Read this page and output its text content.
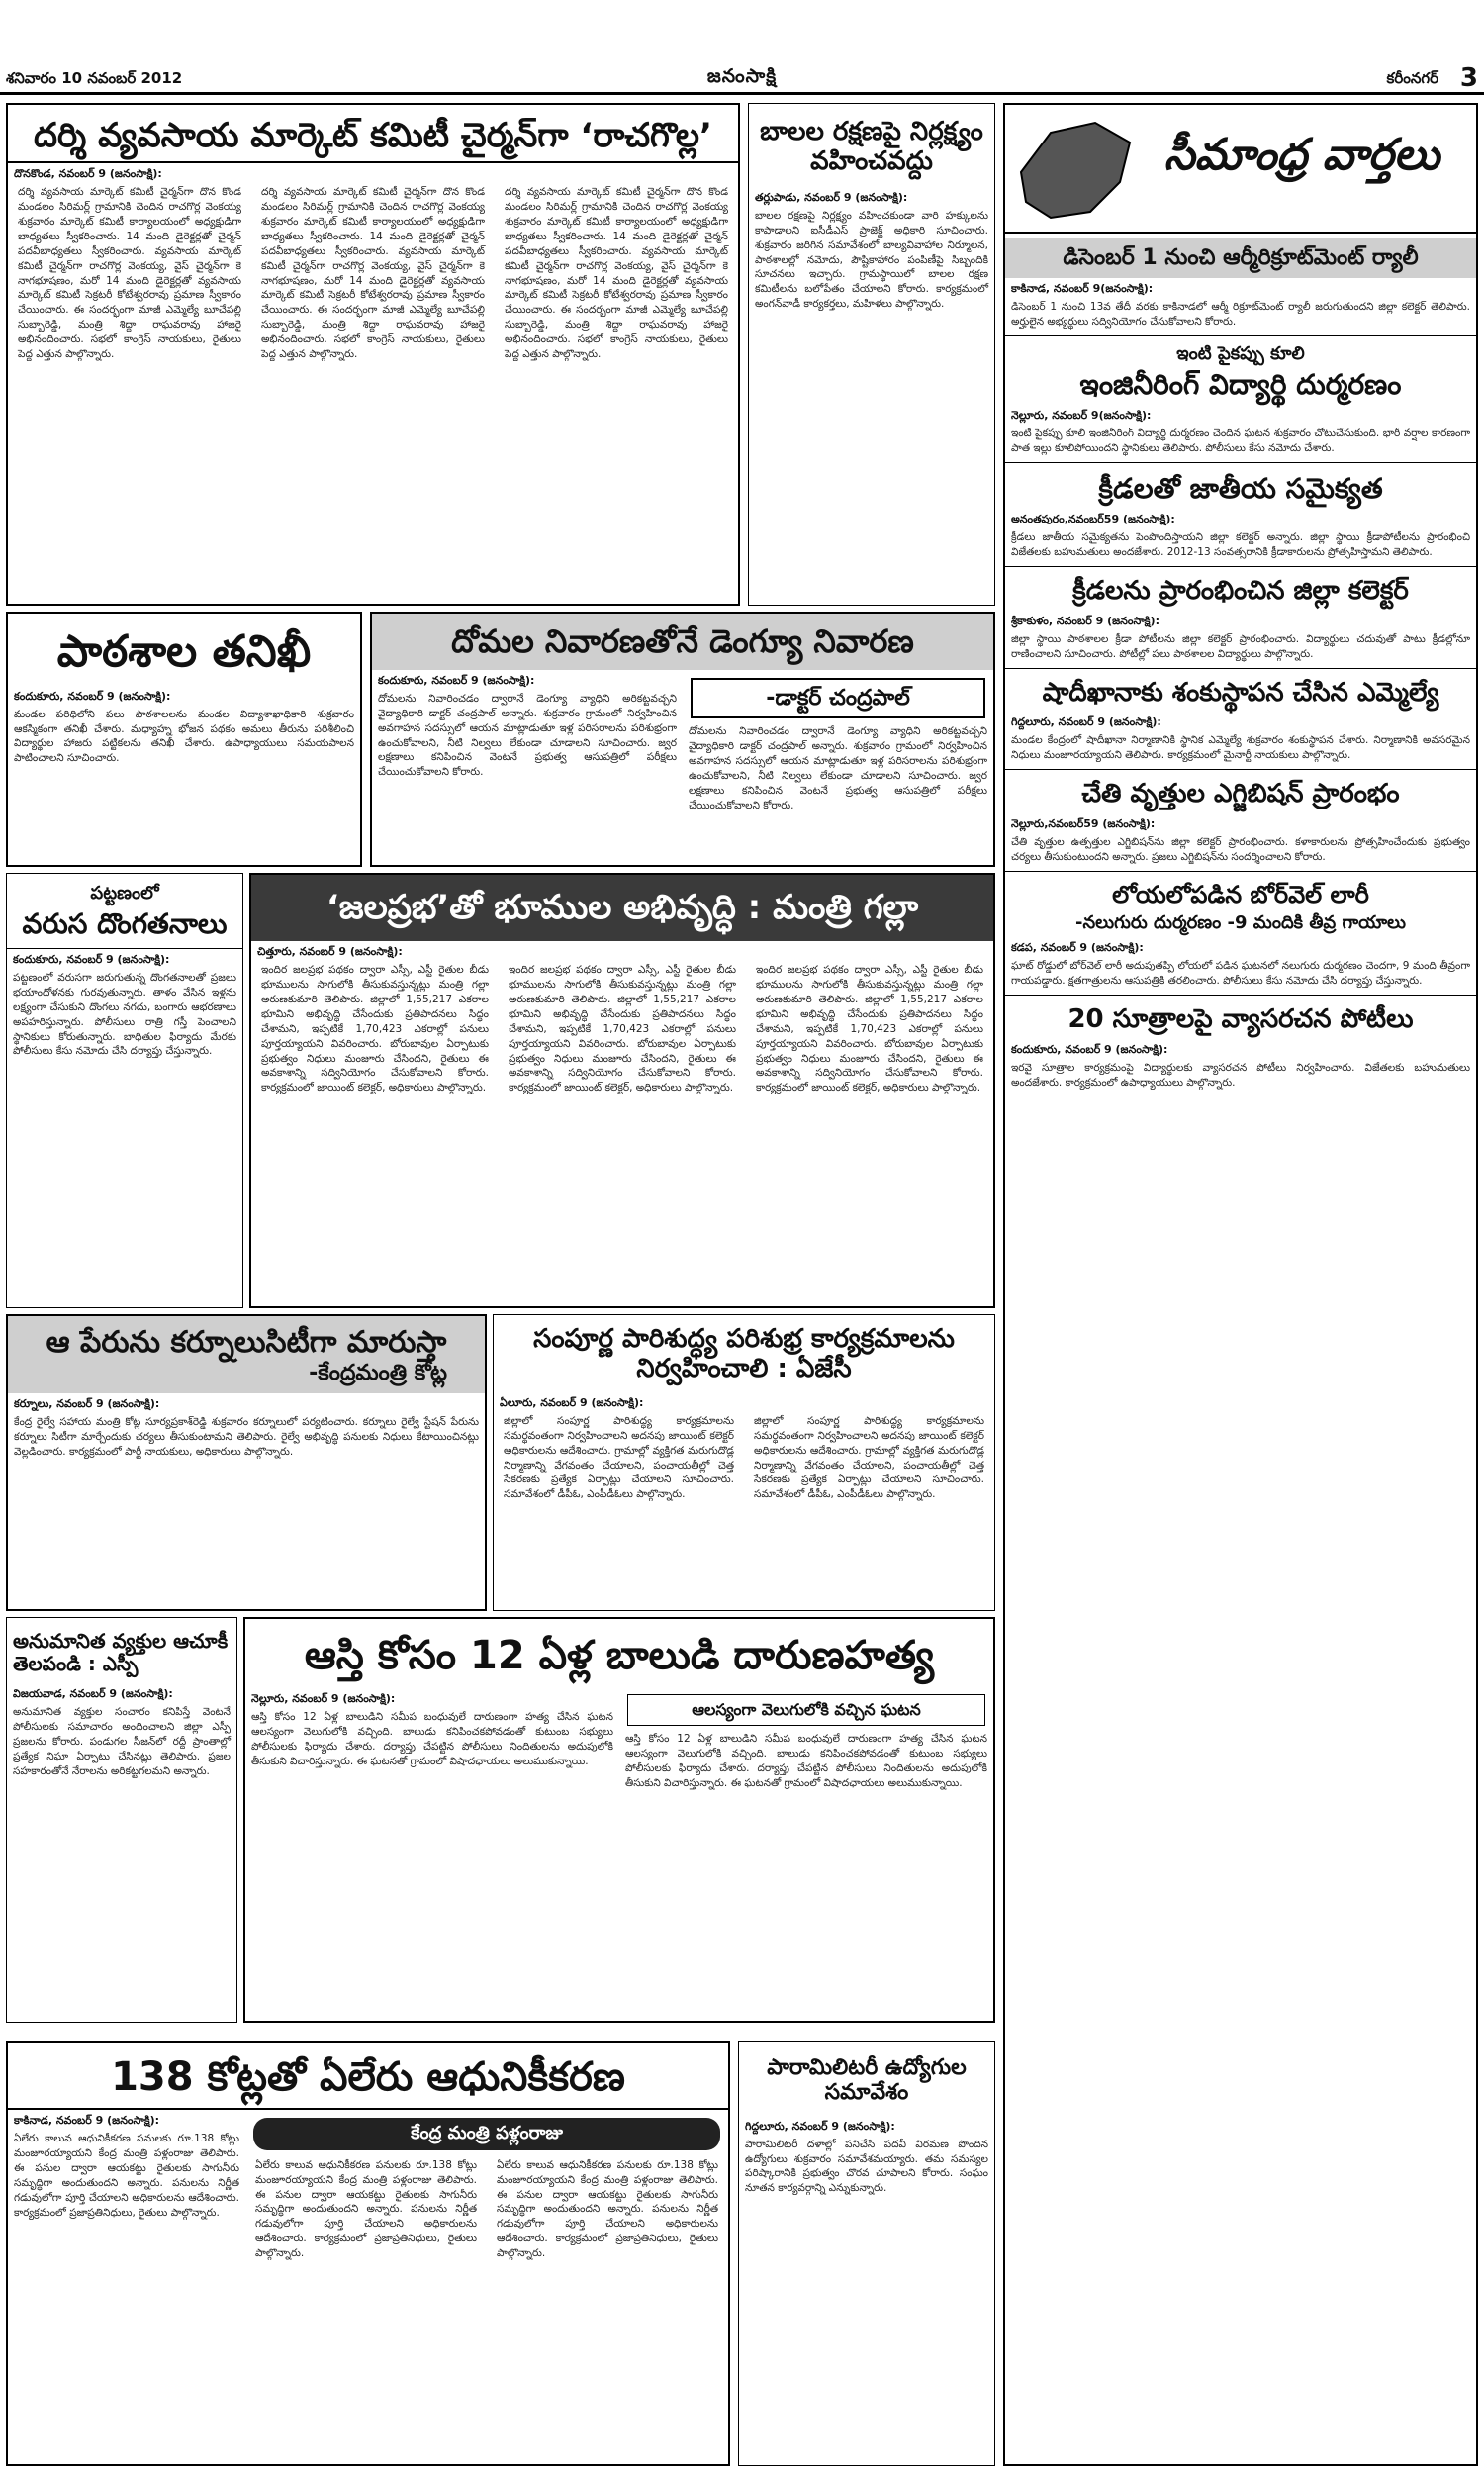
శనివారం 10 నవంబర్ 2012	జనంసాక్షి	కరీంనగర్ 3
దర్శి వ్యవసాయ మార్కెట్ కమిటీ చైర్మన్‌గా ‘రాచగొల్ల’
దొనకొండ, నవంబర్ 9 (జనంసాక్షి):
దర్శి వ్యవసాయ మార్కెట్ కమిటీ చైర్మన్‌గా దొన కొండ మండలం సిరిమర్ల్ గ్రామానికి చెందిన రాచగొర్ల వెంకయ్య శుక్రవారం మార్కెట్ కమిటీ కార్యాలయంలో అధ్యక్షుడిగా బాధ్యతలు స్వీకరించారు. 14 మంది డైరెక్టర్లతో చైర్మన్ పదవీబాధ్యతలు స్వీకరించారు. వ్యవసాయ మార్కెట్ కమిటీ చైర్మన్‌గా రాచగొర్ల వెంకయ్య, వైస్ చైర్మన్‌గా కె నాగభూషణం, మరో 14 మంది డైరెక్టర్లతో వ్యవసాయ మార్కెట్ కమిటీ సెక్రటరీ కోటేశ్వరరావు ప్రమాణ స్వీకారం చేయించారు. ఈ సందర్భంగా మాజీ ఎమ్మెల్యే బూచేపల్లి సుబ్బారెడ్డి, మంత్రి శిద్దా రాఘవరావు హాజరై అభినందించారు. సభలో కాంగ్రెస్ నాయకులు, రైతులు పెద్ద ఎత్తున పాల్గొన్నారు.
దర్శి వ్యవసాయ మార్కెట్ కమిటీ చైర్మన్‌గా దొన కొండ మండలం సిరిమర్ల్ గ్రామానికి చెందిన రాచగొర్ల వెంకయ్య శుక్రవారం మార్కెట్ కమిటీ కార్యాలయంలో అధ్యక్షుడిగా బాధ్యతలు స్వీకరించారు. 14 మంది డైరెక్టర్లతో చైర్మన్ పదవీబాధ్యతలు స్వీకరించారు. వ్యవసాయ మార్కెట్ కమిటీ చైర్మన్‌గా రాచగొర్ల వెంకయ్య, వైస్ చైర్మన్‌గా కె నాగభూషణం, మరో 14 మంది డైరెక్టర్లతో వ్యవసాయ మార్కెట్ కమిటీ సెక్రటరీ కోటేశ్వరరావు ప్రమాణ స్వీకారం చేయించారు. ఈ సందర్భంగా మాజీ ఎమ్మెల్యే బూచేపల్లి సుబ్బారెడ్డి, మంత్రి శిద్దా రాఘవరావు హాజరై అభినందించారు. సభలో కాంగ్రెస్ నాయకులు, రైతులు పెద్ద ఎత్తున పాల్గొన్నారు.
దర్శి వ్యవసాయ మార్కెట్ కమిటీ చైర్మన్‌గా దొన కొండ మండలం సిరిమర్ల్ గ్రామానికి చెందిన రాచగొర్ల వెంకయ్య శుక్రవారం మార్కెట్ కమిటీ కార్యాలయంలో అధ్యక్షుడిగా బాధ్యతలు స్వీకరించారు. 14 మంది డైరెక్టర్లతో చైర్మన్ పదవీబాధ్యతలు స్వీకరించారు. వ్యవసాయ మార్కెట్ కమిటీ చైర్మన్‌గా రాచగొర్ల వెంకయ్య, వైస్ చైర్మన్‌గా కె నాగభూషణం, మరో 14 మంది డైరెక్టర్లతో వ్యవసాయ మార్కెట్ కమిటీ సెక్రటరీ కోటేశ్వరరావు ప్రమాణ స్వీకారం చేయించారు. ఈ సందర్భంగా మాజీ ఎమ్మెల్యే బూచేపల్లి సుబ్బారెడ్డి, మంత్రి శిద్దా రాఘవరావు హాజరై అభినందించారు. సభలో కాంగ్రెస్ నాయకులు, రైతులు పెద్ద ఎత్తున పాల్గొన్నారు.
బాలల రక్షణపై నిర్లక్ష్యం వహించవద్దు
తర్లుపాడు, నవంబర్ 9 (జనంసాక్షి):
బాలల రక్షణపై నిర్లక్ష్యం వహించకుండా వారి హక్కులను కాపాడాలని ఐసీడీఎస్ ప్రాజెక్ట్ అధికారి సూచించారు. శుక్రవారం జరిగిన సమావేశంలో బాల్యవివాహాల నిర్మూలన, పాఠశాలల్లో నమోదు, పౌష్టికాహారం పంపిణీపై సిబ్బందికి సూచనలు ఇచ్చారు. గ్రామస్థాయిలో బాలల రక్షణ కమిటీలను బలోపేతం చేయాలని కోరారు. కార్యక్రమంలో అంగన్‌వాడీ కార్యకర్తలు, మహిళలు పాల్గొన్నారు.
పాఠశాల తనిఖీ
కందుకూరు, నవంబర్ 9 (జనంసాక్షి):
మండల పరిధిలోని పలు పాఠశాలలను మండల విద్యాశాఖాధికారి శుక్రవారం ఆకస్మికంగా తనిఖీ చేశారు. మధ్యాహ్న భోజన పథకం అమలు తీరును పరిశీలించి విద్యార్థుల హాజరు పట్టికలను తనిఖీ చేశారు. ఉపాధ్యాయులు సమయపాలన పాటించాలని సూచించారు.
దోమల నివారణతోనే డెంగ్యూ నివారణ
కందుకూరు, నవంబర్ 9 (జనంసాక్షి):
దోమలను నివారించడం ద్వారానే డెంగ్యూ వ్యాధిని అరికట్టవచ్చని వైద్యాధికారి డాక్టర్ చంద్రపాల్ అన్నారు. శుక్రవారం గ్రామంలో నిర్వహించిన అవగాహన సదస్సులో ఆయన మాట్లాడుతూ ఇళ్ల పరిసరాలను పరిశుభ్రంగా ఉంచుకోవాలని, నీటి నిల్వలు లేకుండా చూడాలని సూచించారు. జ్వర లక్షణాలు కనిపించిన వెంటనే ప్రభుత్వ ఆసుపత్రిలో పరీక్షలు చేయించుకోవాలని కోరారు.
-డాక్టర్ చంద్రపాల్
దోమలను నివారించడం ద్వారానే డెంగ్యూ వ్యాధిని అరికట్టవచ్చని వైద్యాధికారి డాక్టర్ చంద్రపాల్ అన్నారు. శుక్రవారం గ్రామంలో నిర్వహించిన అవగాహన సదస్సులో ఆయన మాట్లాడుతూ ఇళ్ల పరిసరాలను పరిశుభ్రంగా ఉంచుకోవాలని, నీటి నిల్వలు లేకుండా చూడాలని సూచించారు. జ్వర లక్షణాలు కనిపించిన వెంటనే ప్రభుత్వ ఆసుపత్రిలో పరీక్షలు చేయించుకోవాలని కోరారు.
పట్టణంలో
వరుస దొంగతనాలు
కందుకూరు, నవంబర్ 9 (జనంసాక్షి):
పట్టణంలో వరుసగా జరుగుతున్న దొంగతనాలతో ప్రజలు భయాందోళనకు గురవుతున్నారు. తాళం వేసిన ఇళ్లను లక్ష్యంగా చేసుకుని దొంగలు నగదు, బంగారు ఆభరణాలు అపహరిస్తున్నారు. పోలీసులు రాత్రి గస్తీ పెంచాలని స్థానికులు కోరుతున్నారు. బాధితుల ఫిర్యాదు మేరకు పోలీసులు కేసు నమోదు చేసి దర్యాప్తు చేస్తున్నారు.
‘జలప్రభ’తో భూముల అభివృద్ధి : మంత్రి గల్లా
చిత్తూరు, నవంబర్ 9 (జనంసాక్షి):
ఇందిర జలప్రభ పథకం ద్వారా ఎస్సీ, ఎస్టీ రైతుల బీడు భూములను సాగులోకి తీసుకువస్తున్నట్లు మంత్రి గల్లా అరుణకుమారి తెలిపారు. జిల్లాలో 1,55,217 ఎకరాల భూమిని అభివృద్ధి చేసేందుకు ప్రతిపాదనలు సిద్ధం చేశామని, ఇప్పటికే 1,70,423 ఎకరాల్లో పనులు పూర్తయ్యాయని వివరించారు. బోరుబావుల ఏర్పాటుకు ప్రభుత్వం నిధులు మంజూరు చేసిందని, రైతులు ఈ అవకాశాన్ని సద్వినియోగం చేసుకోవాలని కోరారు. కార్యక్రమంలో జాయింట్ కలెక్టర్, అధికారులు పాల్గొన్నారు.
ఇందిర జలప్రభ పథకం ద్వారా ఎస్సీ, ఎస్టీ రైతుల బీడు భూములను సాగులోకి తీసుకువస్తున్నట్లు మంత్రి గల్లా అరుణకుమారి తెలిపారు. జిల్లాలో 1,55,217 ఎకరాల భూమిని అభివృద్ధి చేసేందుకు ప్రతిపాదనలు సిద్ధం చేశామని, ఇప్పటికే 1,70,423 ఎకరాల్లో పనులు పూర్తయ్యాయని వివరించారు. బోరుబావుల ఏర్పాటుకు ప్రభుత్వం నిధులు మంజూరు చేసిందని, రైతులు ఈ అవకాశాన్ని సద్వినియోగం చేసుకోవాలని కోరారు. కార్యక్రమంలో జాయింట్ కలెక్టర్, అధికారులు పాల్గొన్నారు.
ఇందిర జలప్రభ పథకం ద్వారా ఎస్సీ, ఎస్టీ రైతుల బీడు భూములను సాగులోకి తీసుకువస్తున్నట్లు మంత్రి గల్లా అరుణకుమారి తెలిపారు. జిల్లాలో 1,55,217 ఎకరాల భూమిని అభివృద్ధి చేసేందుకు ప్రతిపాదనలు సిద్ధం చేశామని, ఇప్పటికే 1,70,423 ఎకరాల్లో పనులు పూర్తయ్యాయని వివరించారు. బోరుబావుల ఏర్పాటుకు ప్రభుత్వం నిధులు మంజూరు చేసిందని, రైతులు ఈ అవకాశాన్ని సద్వినియోగం చేసుకోవాలని కోరారు. కార్యక్రమంలో జాయింట్ కలెక్టర్, అధికారులు పాల్గొన్నారు.
ఆ పేరును కర్నూలుసిటీగా మారుస్తా
-కేంద్రమంత్రి కోట్ల
కర్నూలు, నవంబర్ 9 (జనంసాక్షి):
కేంద్ర రైల్వే సహాయ మంత్రి కోట్ల సూర్యప్రకాశ్‌రెడ్డి శుక్రవారం కర్నూలులో పర్యటించారు. కర్నూలు రైల్వే స్టేషన్ పేరును కర్నూలు సిటీగా మార్చేందుకు చర్యలు తీసుకుంటామని తెలిపారు. రైల్వే అభివృద్ధి పనులకు నిధులు కేటాయించినట్లు వెల్లడించారు. కార్యక్రమంలో పార్టీ నాయకులు, అధికారులు పాల్గొన్నారు.
సంపూర్ణ పారిశుద్ధ్య పరిశుభ్ర కార్యక్రమాలను నిర్వహించాలి : ఏజేసీ
ఏలూరు, నవంబర్ 9 (జనంసాక్షి):
జిల్లాలో సంపూర్ణ పారిశుద్ధ్య కార్యక్రమాలను సమర్థవంతంగా నిర్వహించాలని అదనపు జాయింట్ కలెక్టర్ అధికారులను ఆదేశించారు. గ్రామాల్లో వ్యక్తిగత మరుగుదొడ్ల నిర్మాణాన్ని వేగవంతం చేయాలని, పంచాయతీల్లో చెత్త సేకరణకు ప్రత్యేక ఏర్పాట్లు చేయాలని సూచించారు. సమావేశంలో డీపీఓ, ఎంపీడీఓలు పాల్గొన్నారు.
జిల్లాలో సంపూర్ణ పారిశుద్ధ్య కార్యక్రమాలను సమర్థవంతంగా నిర్వహించాలని అదనపు జాయింట్ కలెక్టర్ అధికారులను ఆదేశించారు. గ్రామాల్లో వ్యక్తిగత మరుగుదొడ్ల నిర్మాణాన్ని వేగవంతం చేయాలని, పంచాయతీల్లో చెత్త సేకరణకు ప్రత్యేక ఏర్పాట్లు చేయాలని సూచించారు. సమావేశంలో డీపీఓ, ఎంపీడీఓలు పాల్గొన్నారు.
అనుమానిత వ్యక్తుల ఆచూకీ తెలపండి : ఎస్పీ
విజయవాడ, నవంబర్ 9 (జనంసాక్షి):
అనుమానిత వ్యక్తుల సంచారం కనిపిస్తే వెంటనే పోలీసులకు సమాచారం అందించాలని జిల్లా ఎస్పీ ప్రజలను కోరారు. పండుగల సీజన్‌లో రద్దీ ప్రాంతాల్లో ప్రత్యేక నిఘా ఏర్పాటు చేసినట్లు తెలిపారు. ప్రజల సహకారంతోనే నేరాలను అరికట్టగలమని అన్నారు.
ఆస్తి కోసం 12 ఏళ్ల బాలుడి దారుణహత్య
నెల్లూరు, నవంబర్ 9 (జనంసాక్షి):
ఆస్తి కోసం 12 ఏళ్ల బాలుడిని సమీప బంధువులే దారుణంగా హత్య చేసిన ఘటన ఆలస్యంగా వెలుగులోకి వచ్చింది. బాలుడు కనిపించకపోవడంతో కుటుంబ సభ్యులు పోలీసులకు ఫిర్యాదు చేశారు. దర్యాప్తు చేపట్టిన పోలీసులు నిందితులను అదుపులోకి తీసుకుని విచారిస్తున్నారు. ఈ ఘటనతో గ్రామంలో విషాదఛాయలు అలుముకున్నాయి.
ఆలస్యంగా వెలుగులోకి వచ్చిన ఘటన
ఆస్తి కోసం 12 ఏళ్ల బాలుడిని సమీప బంధువులే దారుణంగా హత్య చేసిన ఘటన ఆలస్యంగా వెలుగులోకి వచ్చింది. బాలుడు కనిపించకపోవడంతో కుటుంబ సభ్యులు పోలీసులకు ఫిర్యాదు చేశారు. దర్యాప్తు చేపట్టిన పోలీసులు నిందితులను అదుపులోకి తీసుకుని విచారిస్తున్నారు. ఈ ఘటనతో గ్రామంలో విషాదఛాయలు అలుముకున్నాయి.
138 కోట్లతో ఏలేరు ఆధునికీకరణ
కాకినాడ, నవంబర్ 9 (జనంసాక్షి):
ఏలేరు కాలువ ఆధునికీకరణ పనులకు రూ.138 కోట్లు మంజూరయ్యాయని కేంద్ర మంత్రి పళ్లంరాజు తెలిపారు. ఈ పనుల ద్వారా ఆయకట్టు రైతులకు సాగునీరు సమృద్ధిగా అందుతుందని అన్నారు. పనులను నిర్ణీత గడువులోగా పూర్తి చేయాలని అధికారులను ఆదేశించారు. కార్యక్రమంలో ప్రజాప్రతినిధులు, రైతులు పాల్గొన్నారు.
కేంద్ర మంత్రి పళ్లంరాజు
ఏలేరు కాలువ ఆధునికీకరణ పనులకు రూ.138 కోట్లు మంజూరయ్యాయని కేంద్ర మంత్రి పళ్లంరాజు తెలిపారు. ఈ పనుల ద్వారా ఆయకట్టు రైతులకు సాగునీరు సమృద్ధిగా అందుతుందని అన్నారు. పనులను నిర్ణీత గడువులోగా పూర్తి చేయాలని అధికారులను ఆదేశించారు. కార్యక్రమంలో ప్రజాప్రతినిధులు, రైతులు పాల్గొన్నారు.
ఏలేరు కాలువ ఆధునికీకరణ పనులకు రూ.138 కోట్లు మంజూరయ్యాయని కేంద్ర మంత్రి పళ్లంరాజు తెలిపారు. ఈ పనుల ద్వారా ఆయకట్టు రైతులకు సాగునీరు సమృద్ధిగా అందుతుందని అన్నారు. పనులను నిర్ణీత గడువులోగా పూర్తి చేయాలని అధికారులను ఆదేశించారు. కార్యక్రమంలో ప్రజాప్రతినిధులు, రైతులు పాల్గొన్నారు.
పారామిలిటరీ ఉద్యోగుల సమావేశం
గిద్దలూరు, నవంబర్ 9 (జనంసాక్షి):
పారామిలిటరీ దళాల్లో పనిచేసి పదవీ విరమణ పొందిన ఉద్యోగులు శుక్రవారం సమావేశమయ్యారు. తమ సమస్యల పరిష్కారానికి ప్రభుత్వం చొరవ చూపాలని కోరారు. సంఘం నూతన కార్యవర్గాన్ని ఎన్నుకున్నారు.
సీమాంధ్ర వార్తలు
డిసెంబర్ 1 నుంచి ఆర్మీరిక్రూట్‌మెంట్ ర్యాలీ
కాకినాడ, నవంబర్ 9(జనంసాక్షి):
డిసెంబర్ 1 నుంచి 13వ తేదీ వరకు కాకినాడలో ఆర్మీ రిక్రూట్‌మెంట్ ర్యాలీ జరుగుతుందని జిల్లా కలెక్టర్ తెలిపారు. అర్హులైన అభ్యర్థులు సద్వినియోగం చేసుకోవాలని కోరారు.
ఇంటి పైకప్పు కూలి
ఇంజినీరింగ్ విద్యార్థి దుర్మరణం
నెల్లూరు, నవంబర్ 9(జనంసాక్షి):
ఇంటి పైకప్పు కూలి ఇంజినీరింగ్ విద్యార్థి దుర్మరణం చెందిన ఘటన శుక్రవారం చోటుచేసుకుంది. భారీ వర్షాల కారణంగా పాత ఇల్లు కూలిపోయిందని స్థానికులు తెలిపారు. పోలీసులు కేసు నమోదు చేశారు.
క్రీడలతో జాతీయ సమైక్యత
అనంతపురం,నవంబర్59 (జనంసాక్షి):
క్రీడలు జాతీయ సమైక్యతను పెంపొందిస్తాయని జిల్లా కలెక్టర్ అన్నారు. జిల్లా స్థాయి క్రీడాపోటీలను ప్రారంభించి విజేతలకు బహుమతులు అందజేశారు. 2012-13 సంవత్సరానికి క్రీడాకారులను ప్రోత్సహిస్తామని తెలిపారు.
క్రీడలను ప్రారంభించిన జిల్లా కలెక్టర్
శ్రీకాకుళం, నవంబర్ 9 (జనంసాక్షి):
జిల్లా స్థాయి పాఠశాలల క్రీడా పోటీలను జిల్లా కలెక్టర్ ప్రారంభించారు. విద్యార్థులు చదువుతో పాటు క్రీడల్లోనూ రాణించాలని సూచించారు. పోటీల్లో పలు పాఠశాలల విద్యార్థులు పాల్గొన్నారు.
షాదీఖానాకు శంకుస్థాపన చేసిన ఎమ్మెల్యే
గిద్దలూరు, నవంబర్ 9 (జనంసాక్షి):
మండల కేంద్రంలో షాదీఖానా నిర్మాణానికి స్థానిక ఎమ్మెల్యే శుక్రవారం శంకుస్థాపన చేశారు. నిర్మాణానికి అవసరమైన నిధులు మంజూరయ్యాయని తెలిపారు. కార్యక్రమంలో మైనార్టీ నాయకులు పాల్గొన్నారు.
చేతి వృత్తుల ఎగ్జిబిషన్ ప్రారంభం
నెల్లూరు,నవంబర్59 (జనంసాక్షి):
చేతి వృత్తుల ఉత్పత్తుల ఎగ్జిబిషన్‌ను జిల్లా కలెక్టర్ ప్రారంభించారు. కళాకారులను ప్రోత్సహించేందుకు ప్రభుత్వం చర్యలు తీసుకుంటుందని అన్నారు. ప్రజలు ఎగ్జిబిషన్‌ను సందర్శించాలని కోరారు.
లోయలోపడిన బోర్‌వెల్ లారీ
-నలుగురు దుర్మరణం -9 మందికి తీవ్ర గాయాలు
కడప, నవంబర్ 9 (జనంసాక్షి):
ఘాట్ రోడ్డులో బోర్‌వెల్ లారీ అదుపుతప్పి లోయలో పడిన ఘటనలో నలుగురు దుర్మరణం చెందగా, 9 మంది తీవ్రంగా గాయపడ్డారు. క్షతగాత్రులను ఆసుపత్రికి తరలించారు. పోలీసులు కేసు నమోదు చేసి దర్యాప్తు చేస్తున్నారు.
20 సూత్రాలపై వ్యాసరచన పోటీలు
కందుకూరు, నవంబర్ 9 (జనంసాక్షి):
ఇరవై సూత్రాల కార్యక్రమంపై విద్యార్థులకు వ్యాసరచన పోటీలు నిర్వహించారు. విజేతలకు బహుమతులు అందజేశారు. కార్యక్రమంలో ఉపాధ్యాయులు పాల్గొన్నారు.
